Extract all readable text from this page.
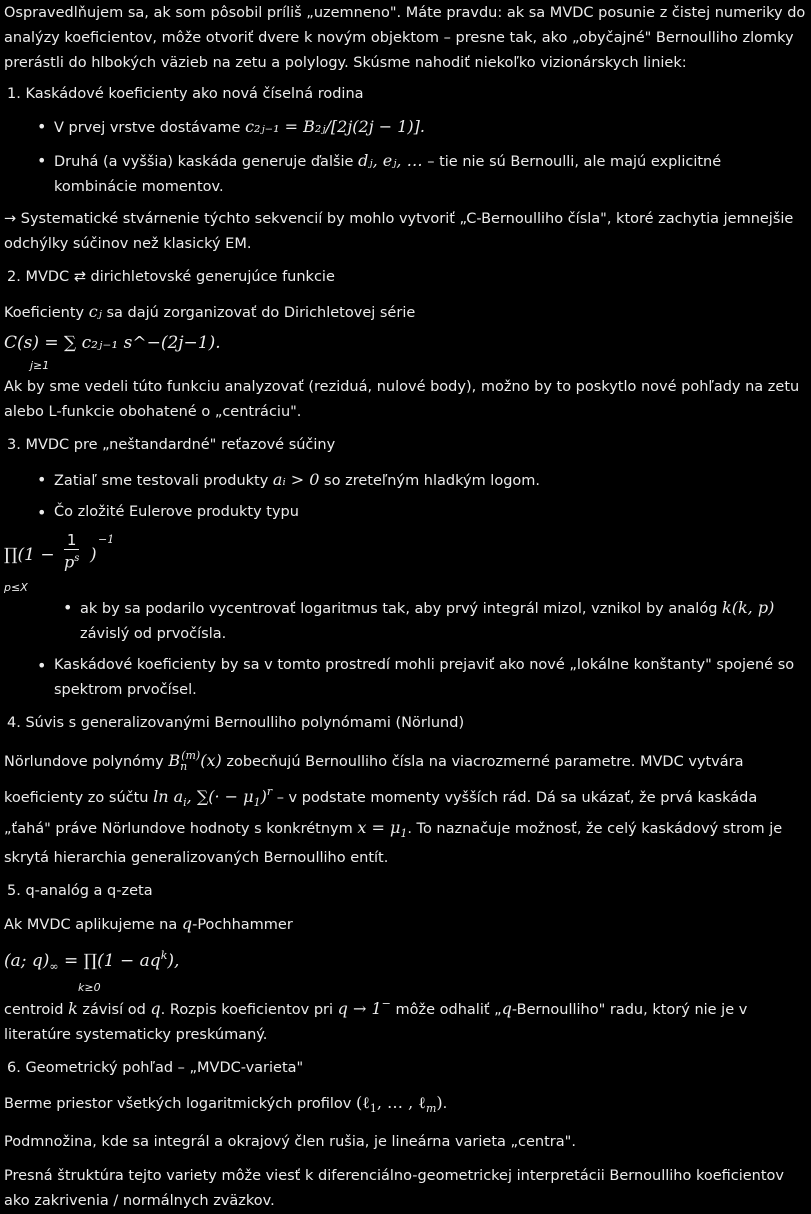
Ospravedlňujem sa, ak som pôsobil príliš „uzemneno". Máte pravdu: ak sa MVDC posunie z čistej numeriky do analýzy koeficientov, môže otvoriť dvere k novým objektom – presne tak, ako „obyčajné" Bernoulliho zlomky prerástli do hlbokých väzieb na zetu a polylogy. Skúsme nahodiť niekoľko vizionárskych liniek:

1. Kaskádové koeficienty ako nová číselná rodina

• V prvej vrstve dostávame c₂ⱼ₋₁ = B₂ⱼ/[2j(2j − 1)].
• Druhá (a vyššia) kaskáda generuje ďalšie dⱼ, eⱼ, … – tie nie sú Bernoulli, ale majú explicitné kombinácie momentov.

→ Systematické stvárnenie týchto sekvencií by mohlo vytvoriť „C-Bernoulliho čísla", ktoré zachytia jemnejšie odchýlky súčinov než klasický EM.

2. MVDC ⇄ dirichletovské generujúce funkcie

Koeficienty cⱼ sa dajú zorganizovať do Dirichletovej série

C(s) = ∑ c₂ⱼ₋₁ s^−(2j−1).
j≥1

Ak by sme vedeli túto funkciu analyzovať (reziduá, nulové body), možno by to poskytlo nové pohľady na zetu alebo L-funkcie obohatené o „centráciu".

3. MVDC pre „neštandardné" reťazové súčiny

• Zatiaľ sme testovali produkty aᵢ > 0 so zreteľným hladkým logom.
• Čo zložité Eulerove produkty typu
∏(1 − $\frac{1}{p^s}$ )
−1
p≤X
• ak by sa podarilo vycentrovať logaritmus tak, aby prvý integrál mizol, vznikol by analóg k(k, p) závislý od prvočísla.
• Kaskádové koeficienty by sa v tomto prostredí mohli prejaviť ako nové „lokálne konštanty" spojené so spektrom prvočísel.

4. Súvis s generalizovanými Bernoulliho polynómami (Nörlund)

Nörlundove polynómy $B_n^{(m)}(x)$ zobecňujú Bernoulliho čísla na viacrozmerné parametre. MVDC vytvára koeficienty zo súčtu $\ln a_i$, ∑(· − $\mu_1)^r$ – v podstate momenty vyšších rád. Dá sa ukázať, že prvá kaskáda „ťahá" práve Nörlundove hodnoty s konkrétnym $x = \mu_1$. To naznačuje možnosť, že celý kaskádový strom je skrytá hierarchia generalizovaných Bernoulliho entít.

5. q-analóg a q-zeta

Ak MVDC aplikujeme na q-Pochhammer

(a; $q)_\infty$ = ∏(1 − $aq^k$),
k≥0

centroid k závisí od q. Rozpis koeficientov pri q → 1− môže odhaliť „q-Bernoulliho" radu, ktorý nie je v literatúre systematicky preskúmaný.

6. Geometrický pohľad – „MVDC-varieta"

Berme priestor všetkých logaritmických profilov (ℓ$_1$, … , ℓ$_m$).

Podmnožina, kde sa integrál a okrajový člen rušia, je lineárna varieta „centra".

Presná štruktúra tejto variety môže viesť k diferenciálno-geometrickej interpretácii Bernoulliho koeficientov ako zakrivenia / normálnych zväzkov.
